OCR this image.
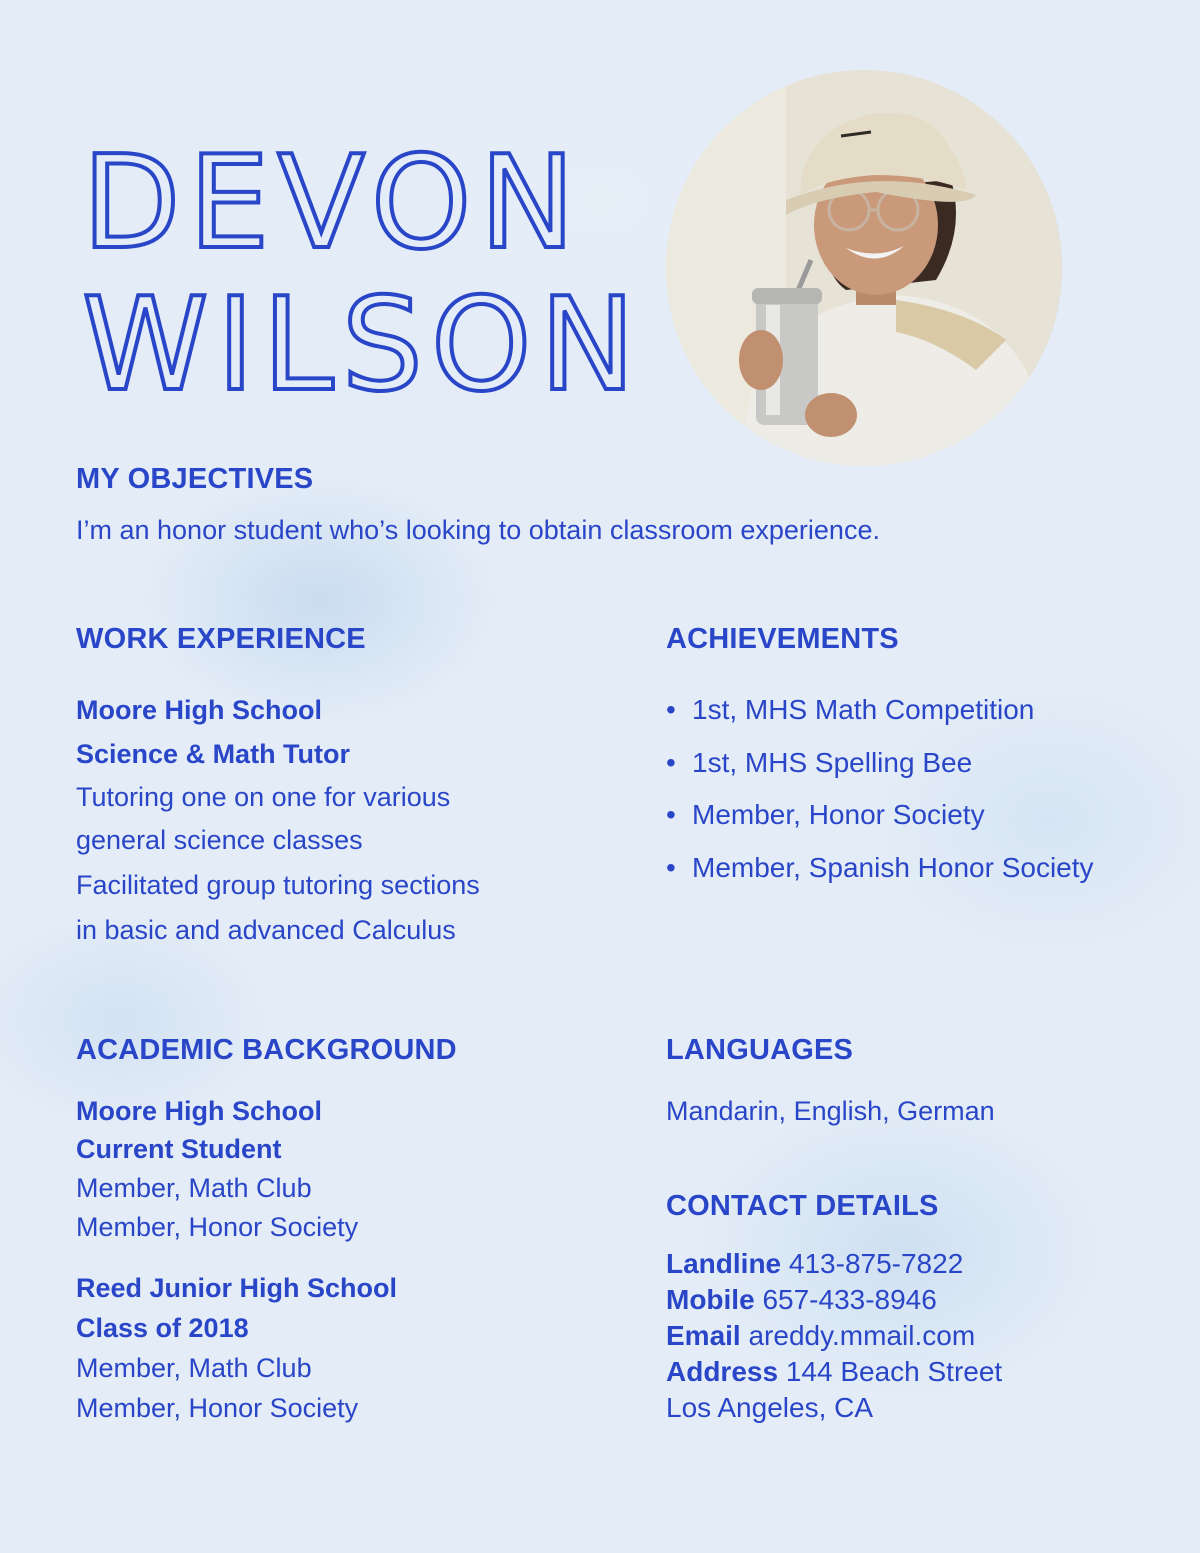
DEVON
WILSON
MY OBJECTIVES
I’m an honor student who’s looking to obtain classroom experience.
WORK EXPERIENCE
Moore High School
Science & Math Tutor
Tutoring one on one for various
general science classes
Facilitated group tutoring sections
in basic and advanced Calculus
ACHIEVEMENTS
• 1st, MHS Math Competition
• 1st, MHS Spelling Bee
• Member, Honor Society
• Member, Spanish Honor Society
ACADEMIC BACKGROUND
Moore High School
Current Student
Member, Math Club
Member, Honor Society
Reed Junior High School
Class of 2018
Member, Math Club
Member, Honor Society
LANGUAGES
Mandarin, English, German
CONTACT DETAILS
Landline 413-875-7822
Mobile 657-433-8946
Email areddy.mmail.com
Address 144 Beach Street
Los Angeles, CA
